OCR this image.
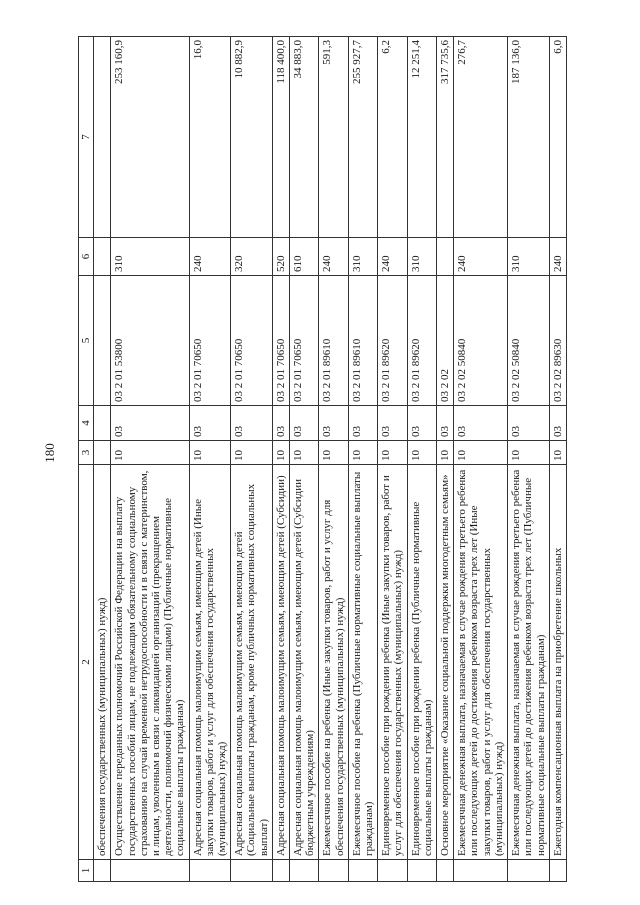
180
1	2	3	4	5	6	7
	обеспечения государственных (муниципальных) нужд)					
	Осуществление переданных полномочий Российской Федерации на выплату государственных пособий лицам, не подлежащим обязательному социальному страхованию на случай временной нетрудоспособности и в связи с материнством, и лицам, уволенным в связи с ликвидацией организаций (прекращением деятельности, полномочий физическими лицами) (Публичные нормативные социальные выплаты гражданам)	10	03	03 2 01 53800	310	253 160,9
	Адресная социальная помощь малоимущим семьям, имеющим детей (Иные закупки товаров, работ и услуг для обеспечения государственных (муниципальных) нужд)	10	03	03 2 01 70650	240	16,0
	Адресная социальная помощь малоимущим семьям, имеющим детей (Социальные выплаты гражданам, кроме публичных нормативных социальных выплат)	10	03	03 2 01 70650	320	10 882,9
	Адресная социальная помощь малоимущим семьям, имеющим детей (Субсидии)	10	03	03 2 01 70650	520	118 400,0
	Адресная социальная помощь малоимущим семьям, имеющим детей (Субсидии бюджетным учреждениям)	10	03	03 2 01 70650	610	34 883,0
	Ежемесячное пособие на ребенка (Иные закупки товаров, работ и услуг для обеспечения государственных (муниципальных) нужд)	10	03	03 2 01 89610	240	591,3
	Ежемесячное пособие на ребенка (Публичные нормативные социальные выплаты гражданам)	10	03	03 2 01 89610	310	255 927,7
	Единовременное пособие при рождении ребенка (Иные закупки товаров, работ и услуг для обеспечения государственных (муниципальных) нужд)	10	03	03 2 01 89620	240	6,2
	Единовременное пособие при рождении ребенка (Публичные нормативные социальные выплаты гражданам)	10	03	03 2 01 89620	310	12 251,4
	Основное мероприятие «Оказание социальной поддержки многодетным семьям»	10	03	03 2 02		317 735,6
	Ежемесячная денежная выплата, назначаемая в случае рождения третьего ребенка или последующих детей до достижения ребенком возраста трех лет (Иные закупки товаров, работ и услуг для обеспечения государственных (муниципальных) нужд)	10	03	03 2 02 50840	240	276,7
	Ежемесячная денежная выплата, назначаемая в случае рождения третьего ребенка или последующих детей до достижения ребенком возраста трех лет (Публичные нормативные социальные выплаты гражданам)	10	03	03 2 02 50840	310	187 136,0
	Ежегодная компенсационная выплата на приобретение школьных	10	03	03 2 02 89630	240	6,0
